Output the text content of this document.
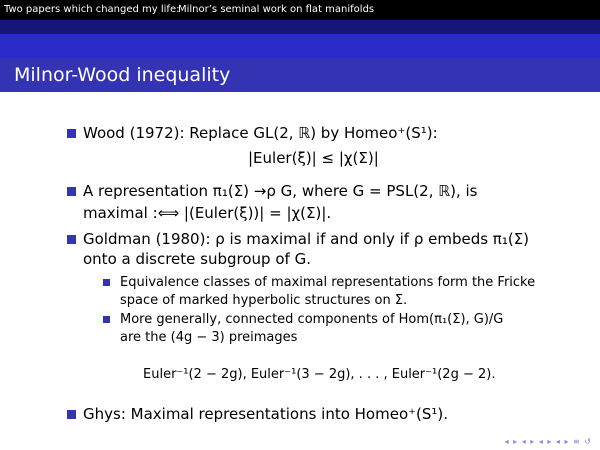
Two papers which changed my life:
Milnor’s seminal work on flat manifolds
Milnor-Wood inequality
Wood (1972): Replace GL(2, ℝ) by Homeo⁺(S¹):
|Euler(ξ)| ≤ |χ(Σ)|
A representation π₁(Σ) →ρ G, where G = PSL(2, ℝ), is
maximal :⟺ |(Euler(ξ))| = |χ(Σ)|.
Goldman (1980): ρ is maximal if and only if ρ embeds π₁(Σ)
onto a discrete subgroup of G.
Equivalence classes of maximal representations form the Fricke
space of marked hyperbolic structures on Σ.
More generally, connected components of Hom(π₁(Σ), G)/G
are the (4g − 3) preimages
Euler⁻¹(2 − 2g), Euler⁻¹(3 − 2g), . . . , Euler⁻¹(2g − 2).
Ghys: Maximal representations into Homeo⁺(S¹).
◂ ▸ ◂ ▸ ◂ ▸ ◂ ▸ ≡ ↺
